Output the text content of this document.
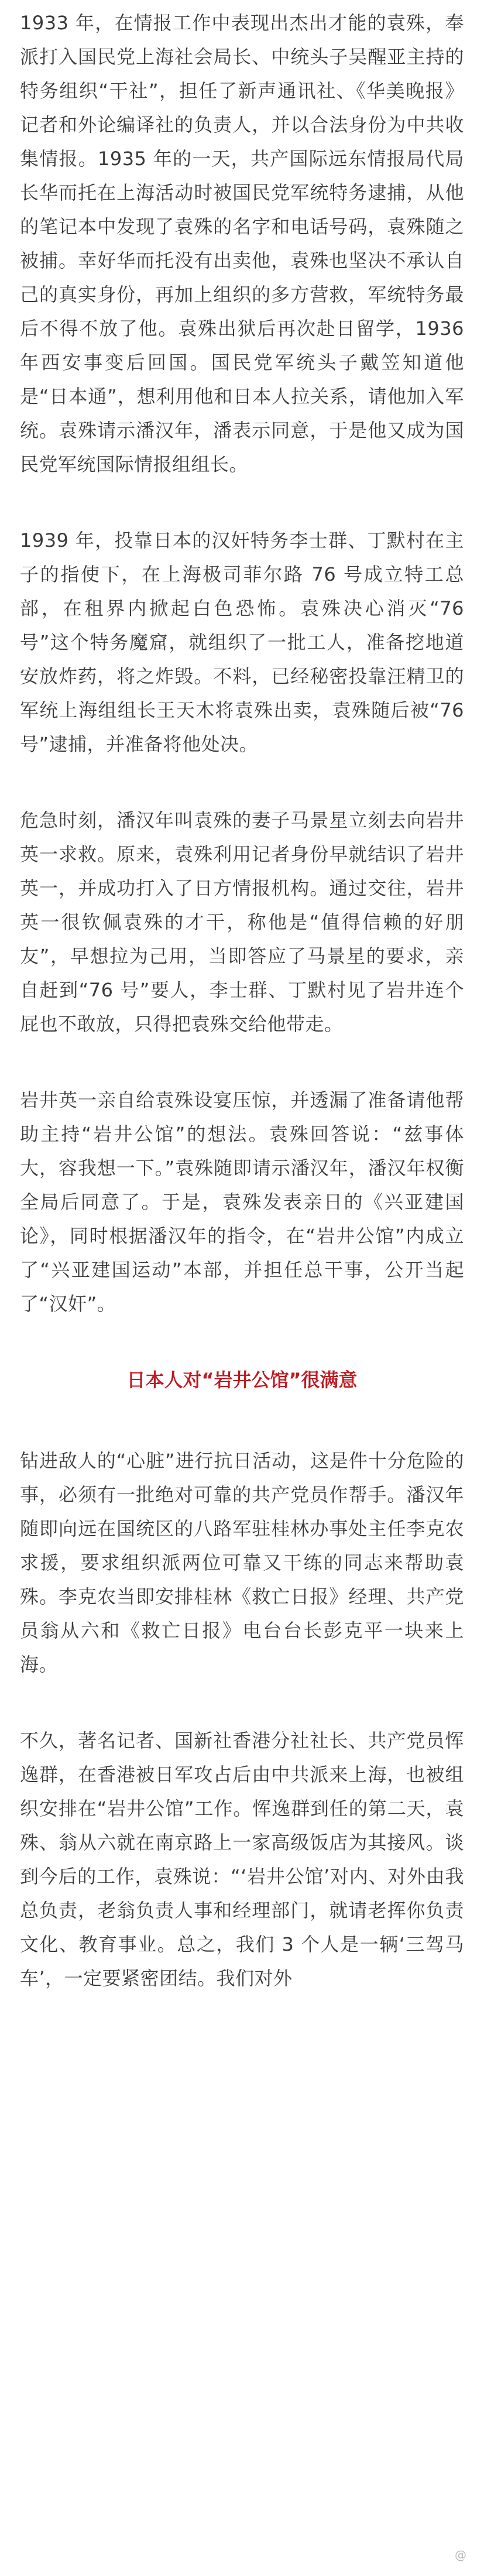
1933 年，在情报工作中表现出杰出才能的袁殊，奉派打入国民党上海社会局长、中统头子吴醒亚主持的特务组织“干社”，担任了新声通讯社、《华美晚报》记者和外论编译社的负责人，并以合法身份为中共收集情报。1935 年的一天，共产国际远东情报局代局长华而托在上海活动时被国民党军统特务逮捕，从他的笔记本中发现了袁殊的名字和电话号码，袁殊随之被捕。幸好华而托没有出卖他，袁殊也坚决不承认自己的真实身份，再加上组织的多方营救，军统特务最后不得不放了他。袁殊出狱后再次赴日留学，1936 年西安事变后回国。国民党军统头子戴笠知道他是“日本通”，想利用他和日本人拉关系，请他加入军统。袁殊请示潘汉年，潘表示同意，于是他又成为国民党军统国际情报组组长。

1939 年，投靠日本的汉奸特务李士群、丁默村在主子的指使下，在上海极司菲尔路 76 号成立特工总部，在租界内掀起白色恐怖。袁殊决心消灭“76 号”这个特务魔窟，就组织了一批工人，准备挖地道安放炸药，将之炸毁。不料，已经秘密投靠汪精卫的军统上海组组长王天木将袁殊出卖，袁殊随后被“76 号”逮捕，并准备将他处决。

危急时刻，潘汉年叫袁殊的妻子马景星立刻去向岩井英一求救。原来，袁殊利用记者身份早就结识了岩井英一，并成功打入了日方情报机构。通过交往，岩井英一很钦佩袁殊的才干，称他是“值得信赖的好朋友”，早想拉为己用，当即答应了马景星的要求，亲自赶到“76 号”要人，李士群、丁默村见了岩井连个屁也不敢放，只得把袁殊交给他带走。

岩井英一亲自给袁殊设宴压惊，并透漏了准备请他帮助主持“岩井公馆”的想法。袁殊回答说：“兹事体大，容我想一下。”袁殊随即请示潘汉年，潘汉年权衡全局后同意了。于是，袁殊发表亲日的《兴亚建国论》，同时根据潘汉年的指令，在“岩井公馆”内成立了“兴亚建国运动”本部，并担任总干事，公开当起了“汉奸”。

日本人对“岩井公馆”很满意

钻进敌人的“心脏”进行抗日活动，这是件十分危险的事，必须有一批绝对可靠的共产党员作帮手。潘汉年随即向远在国统区的八路军驻桂林办事处主任李克农求援，要求组织派两位可靠又干练的同志来帮助袁殊。李克农当即安排桂林《救亡日报》经理、共产党员翁从六和《救亡日报》电台台长彭克平一块来上海。

不久，著名记者、国新社香港分社社长、共产党员恽逸群，在香港被日军攻占后由中共派来上海，也被组织安排在“岩井公馆”工作。恽逸群到任的第二天，袁殊、翁从六就在南京路上一家高级饭店为其接风。谈到今后的工作，袁殊说：“‘岩井公馆’对内、对外由我总负责，老翁负责人事和经理部门，就请老挥你负责文化、教育事业。总之，我们 3 个人是一辆‘三驾马车’，一定要紧密团结。我们对外

@
